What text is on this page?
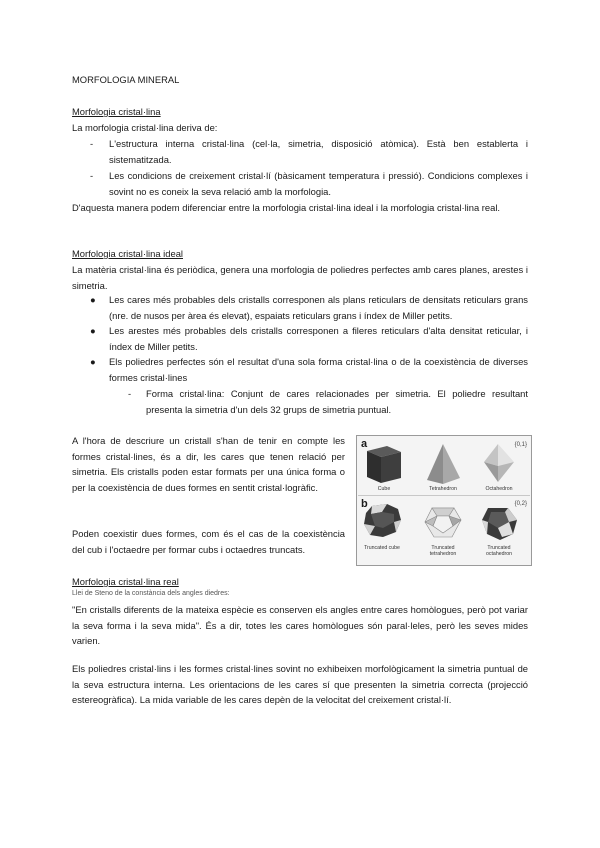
MORFOLOGIA MINERAL
Morfologia cristal·lina
La morfologia cristal·lina deriva de:
- L'estructura interna cristal·lina (cel·la, simetria, disposició atòmica). Està ben establerta i sistematitzada.
- Les condicions de creixement cristal·lí (bàsicament temperatura i pressió). Condicions complexes i sovint no es coneix la seva relació amb la morfologia.
D'aquesta manera podem diferenciar entre la morfologia cristal·lina ideal i la morfologia cristal·lina real.
Morfologia cristal·lina ideal
La matèria cristal·lina és periòdica, genera una morfologia de poliedres perfectes amb cares planes, arestes i simetria.
● Les cares més probables dels cristalls corresponen als plans reticulars de densitats reticulars grans (nre. de nusos per àrea és elevat), espaiats reticulars grans i índex de Miller petits.
● Les arestes més probables dels cristalls corresponen a fileres reticulars d'alta densitat reticular, i índex de Miller petits.
● Els poliedres perfectes són el resultat d'una sola forma cristal·lina o de la coexistència de diverses formes cristal·lines
- Forma cristal·lina: Conjunt de cares relacionades per simetria. El poliedre resultant presenta la simetria d'un dels 32 grups de simetria puntual.
A l'hora de descriure un cristall s'han de tenir en compte les formes cristal·lines, és a dir, les cares que tenen relació per simetria. Els cristalls poden estar formats per una única forma o per la coexistència de dues formes en sentit cristal·logràfic.
Poden coexistir dues formes, com és el cas de la coexistència del cub i l'octaedre per formar cubs i octaedres truncats.
a	{0,1}
b	{0,2}
Cube	Tetrahedron	Octahedron
Truncated cube	Truncated tetrahedron
Truncated octahedron
Morfologia cristal·lina real
Llei de Steno de la constància dels angles diedres:
"En cristalls diferents de la mateixa espècie es conserven els angles entre cares homòlogues, però pot variar la seva forma i la seva mida". És a dir, totes les cares homòlogues són paral·leles, però les seves mides varien.
Els poliedres cristal·lins i les formes cristal·lines sovint no exhibeixen morfològicament la simetria puntual de la seva estructura interna. Les orientacions de les cares sí que presenten la simetria correcta (projecció estereogràfica). La mida variable de les cares depèn de la velocitat del creixement cristal·lí.
